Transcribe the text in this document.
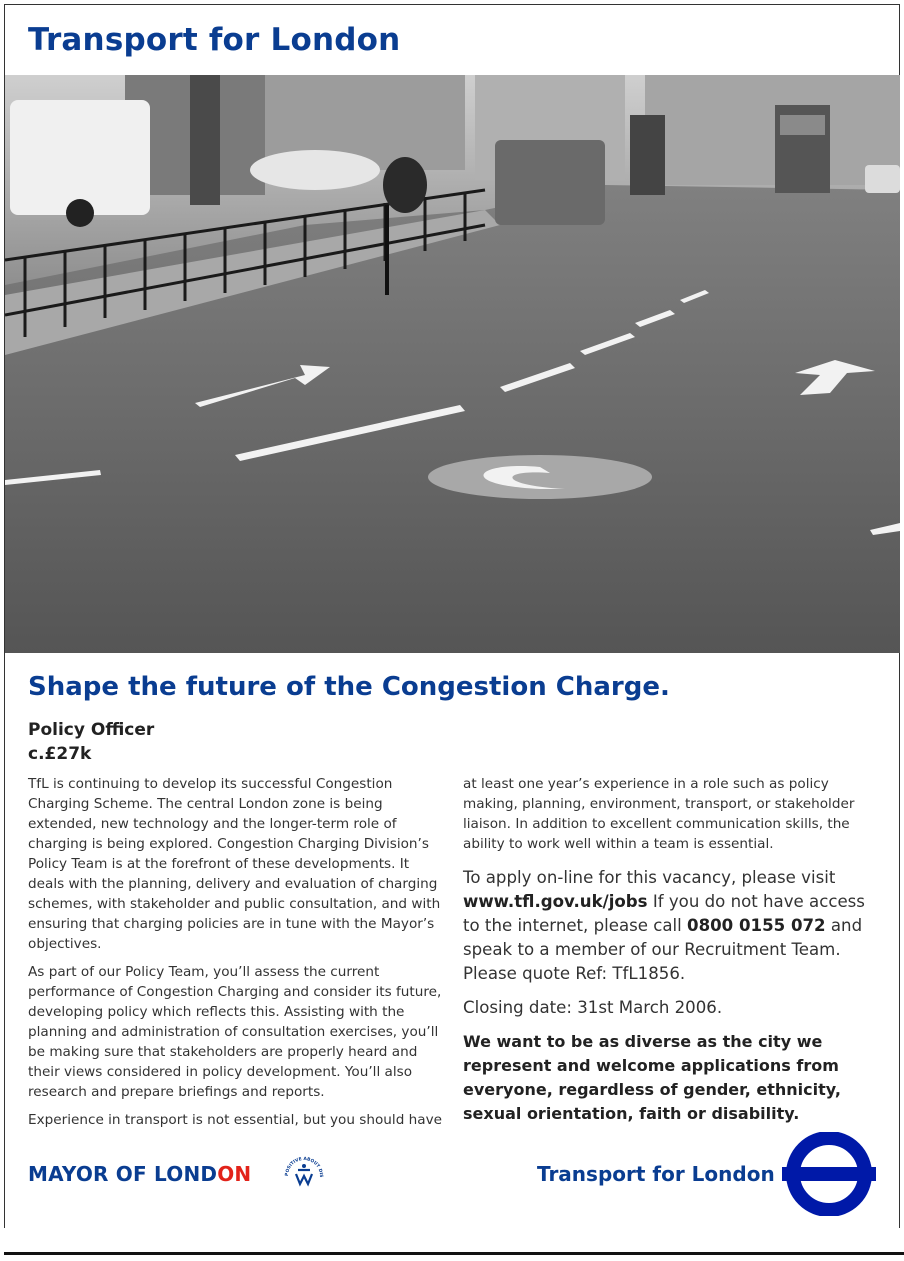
Transport for London
Shape the future of the Congestion Charge.
Policy Officer
c.£27k

TfL is continuing to develop its successful Congestion Charging Scheme. The central London zone is being extended, new technology and the longer-term role of charging is being explored. Congestion Charging Division’s Policy Team is at the forefront of these developments. It deals with the planning, delivery and evaluation of charging schemes, with stakeholder and public consultation, and with ensuring that charging policies are in tune with the Mayor’s objectives.

As part of our Policy Team, you’ll assess the current performance of Congestion Charging and consider its future, developing policy which reflects this. Assisting with the planning and administration of consultation exercises, you’ll be making sure that stakeholders are properly heard and their views considered in policy development. You’ll also research and prepare briefings and reports.

Experience in transport is not essential, but you should have

at least one year’s experience in a role such as policy making, planning, environment, transport, or stakeholder liaison. In addition to excellent communication skills, the ability to work well within a team is essential.

To apply on-line for this vacancy, please visit
www.tfl.gov.uk/jobs If you do not have access to the internet, please call 0800 0155 072 and speak to a member of our Recruitment Team. Please quote Ref: TfL1856.

Closing date: 31st March 2006.

We want to be as diverse as the city we represent and welcome applications from everyone, regardless of gender, ethnicity, sexual orientation, faith or disability.

MAYOR OF LONDON	POSITIVE ABOUT DIS	Transport for London
